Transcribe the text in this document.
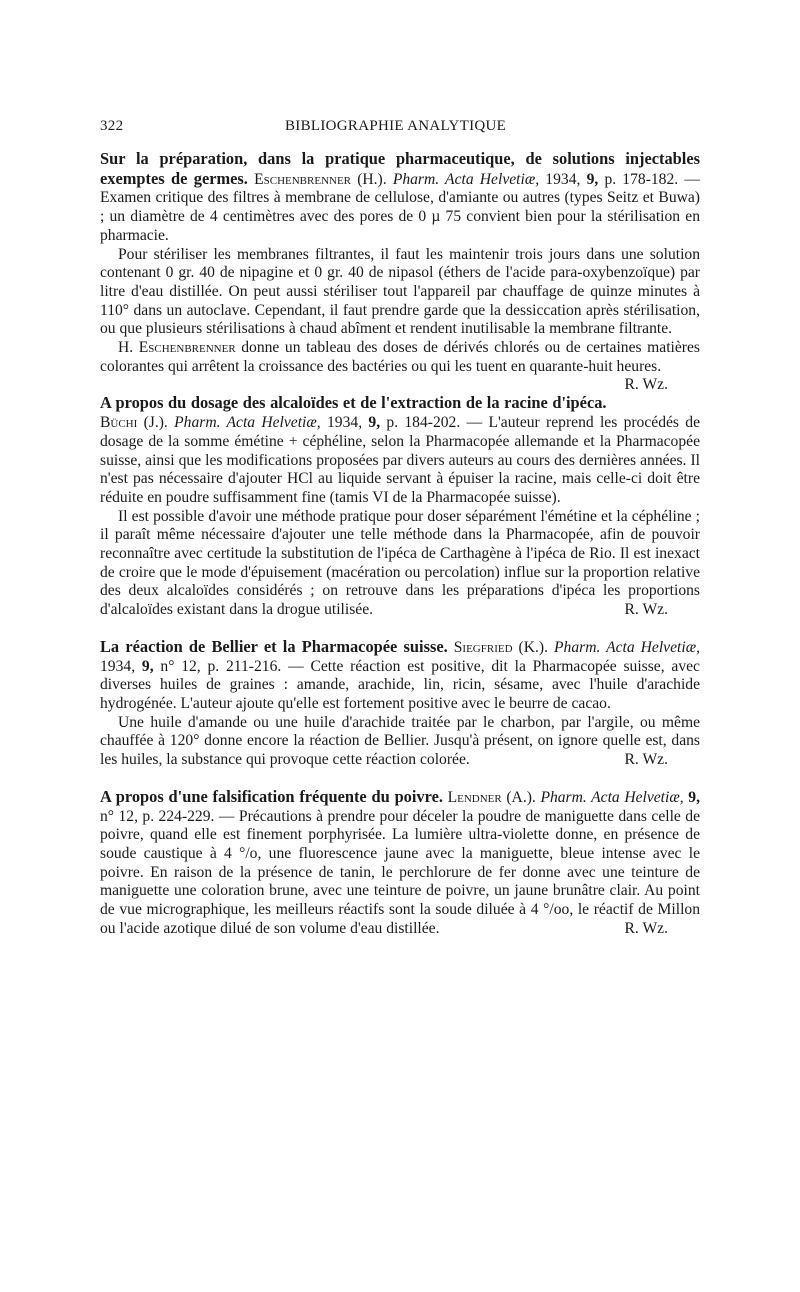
322	BIBLIOGRAPHIE ANALYTIQUE

Sur la préparation, dans la pratique pharmaceutique, de solutions injectables exemptes de germes. Eschenbrenner (H.). Pharm. Acta Helvetiæ, 1934, 9, p. 178-182. — Examen critique des filtres à membrane de cellulose, d'amiante ou autres (types Seitz et Buwa) ; un diamètre de 4 centimètres avec des pores de 0 µ 75 convient bien pour la stérilisation en pharmacie.

Pour stériliser les membranes filtrantes, il faut les maintenir trois jours dans une solution contenant 0 gr. 40 de nipagine et 0 gr. 40 de nipasol (éthers de l'acide para-oxybenzoïque) par litre d'eau distillée. On peut aussi stériliser tout l'appareil par chauffage de quinze minutes à 110° dans un autoclave. Cependant, il faut prendre garde que la dessiccation après stérilisation, ou que plusieurs stérilisations à chaud abîment et rendent inutilisable la membrane filtrante.

H. Eschenbrenner donne un tableau des doses de dérivés chlorés ou de certaines matières colorantes qui arrêtent la croissance des bactéries ou qui les tuent en quarante-huit heures.
R. Wz.

A propos du dosage des alcaloïdes et de l'extraction de la racine d'ipéca. Büchi (J.). Pharm. Acta Helvetiæ, 1934, 9, p. 184-202. — L'auteur reprend les procédés de dosage de la somme émétine + céphéline, selon la Pharmacopée allemande et la Pharmacopée suisse, ainsi que les modifications proposées par divers auteurs au cours des dernières années. Il n'est pas nécessaire d'ajouter HCl au liquide servant à épuiser la racine, mais celle-ci doit être réduite en poudre suffisamment fine (tamis VI de la Pharmacopée suisse).

Il est possible d'avoir une méthode pratique pour doser séparément l'émétine et la céphéline ; il paraît même nécessaire d'ajouter une telle méthode dans la Pharmacopée, afin de pouvoir reconnaître avec certitude la substitution de l'ipéca de Carthagène à l'ipéca de Rio. Il est inexact de croire que le mode d'épuisement (macération ou percolation) influe sur la proportion relative des deux alcaloïdes considérés ; on retrouve dans les préparations d'ipéca les proportions d'alcaloïdes existant dans la drogue utilisée.	R. Wz.

La réaction de Bellier et la Pharmacopée suisse. Siegfried (K.). Pharm. Acta Helvetiæ, 1934, 9, n° 12, p. 211-216. — Cette réaction est positive, dit la Pharmacopée suisse, avec diverses huiles de graines : amande, arachide, lin, ricin, sésame, avec l'huile d'arachide hydrogénée. L'auteur ajoute qu'elle est fortement positive avec le beurre de cacao.

Une huile d'amande ou une huile d'arachide traitée par le charbon, par l'argile, ou même chauffée à 120° donne encore la réaction de Bellier. Jusqu'à présent, on ignore quelle est, dans les huiles, la substance qui provoque cette réaction colorée.	R. Wz.

A propos d'une falsification fréquente du poivre. Lendner (A.). Pharm. Acta Helvetiæ, 9, n° 12, p. 224-229. — Précautions à prendre pour déceler la poudre de maniguette dans celle de poivre, quand elle est finement porphyrisée. La lumière ultra-violette donne, en présence de soude caustique à 4 °/o, une fluorescence jaune avec la maniguette, bleue intense avec le poivre. En raison de la présence de tanin, le perchlorure de fer donne avec une teinture de maniguette une coloration brune, avec une teinture de poivre, un jaune brunâtre clair. Au point de vue micrographique, les meilleurs réactifs sont la soude diluée à 4 °/oo, le réactif de Millon ou l'acide azotique dilué de son volume d'eau distillée.	R. Wz.
